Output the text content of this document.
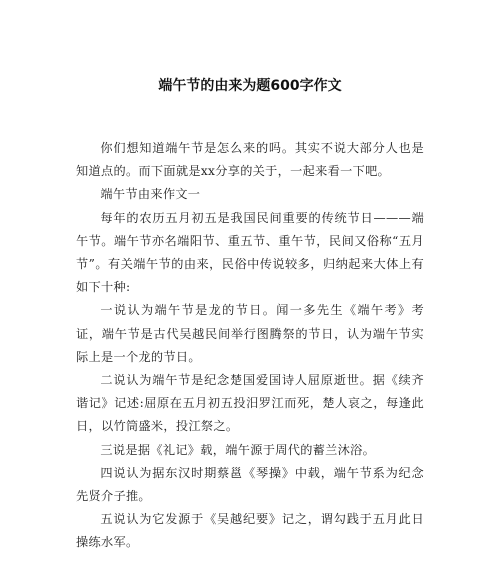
端午节的由来为题600字作文

你们想知道端午节是怎么来的吗。其实不说大部分人也是知道点的。而下面就是xx分享的关于，一起来看一下吧。

端午节由来作文一

每年的农历五月初五是我国民间重要的传统节日———端午节。端午节亦名端阳节、重五节、重午节，民间又俗称“五月节”。有关端午节的由来，民俗中传说较多，归纳起来大体上有如下十种:

一说认为端午节是龙的节日。闻一多先生《端午考》考证，端午节是古代吴越民间举行图腾祭的节日，认为端午节实际上是一个龙的节日。

二说认为端午节是纪念楚国爱国诗人屈原逝世。据《续齐谐记》记述:屈原在五月初五投汨罗江而死，楚人哀之，每逢此日，以竹筒盛米，投江祭之。

三说是据《礼记》载，端午源于周代的蓄兰沐浴。

四说认为据东汉时期蔡邕《琴操》中载，端午节系为纪念先贤介子推。

五说认为它发源于《吴越纪要》记之，谓勾践于五月此日操练水军。
